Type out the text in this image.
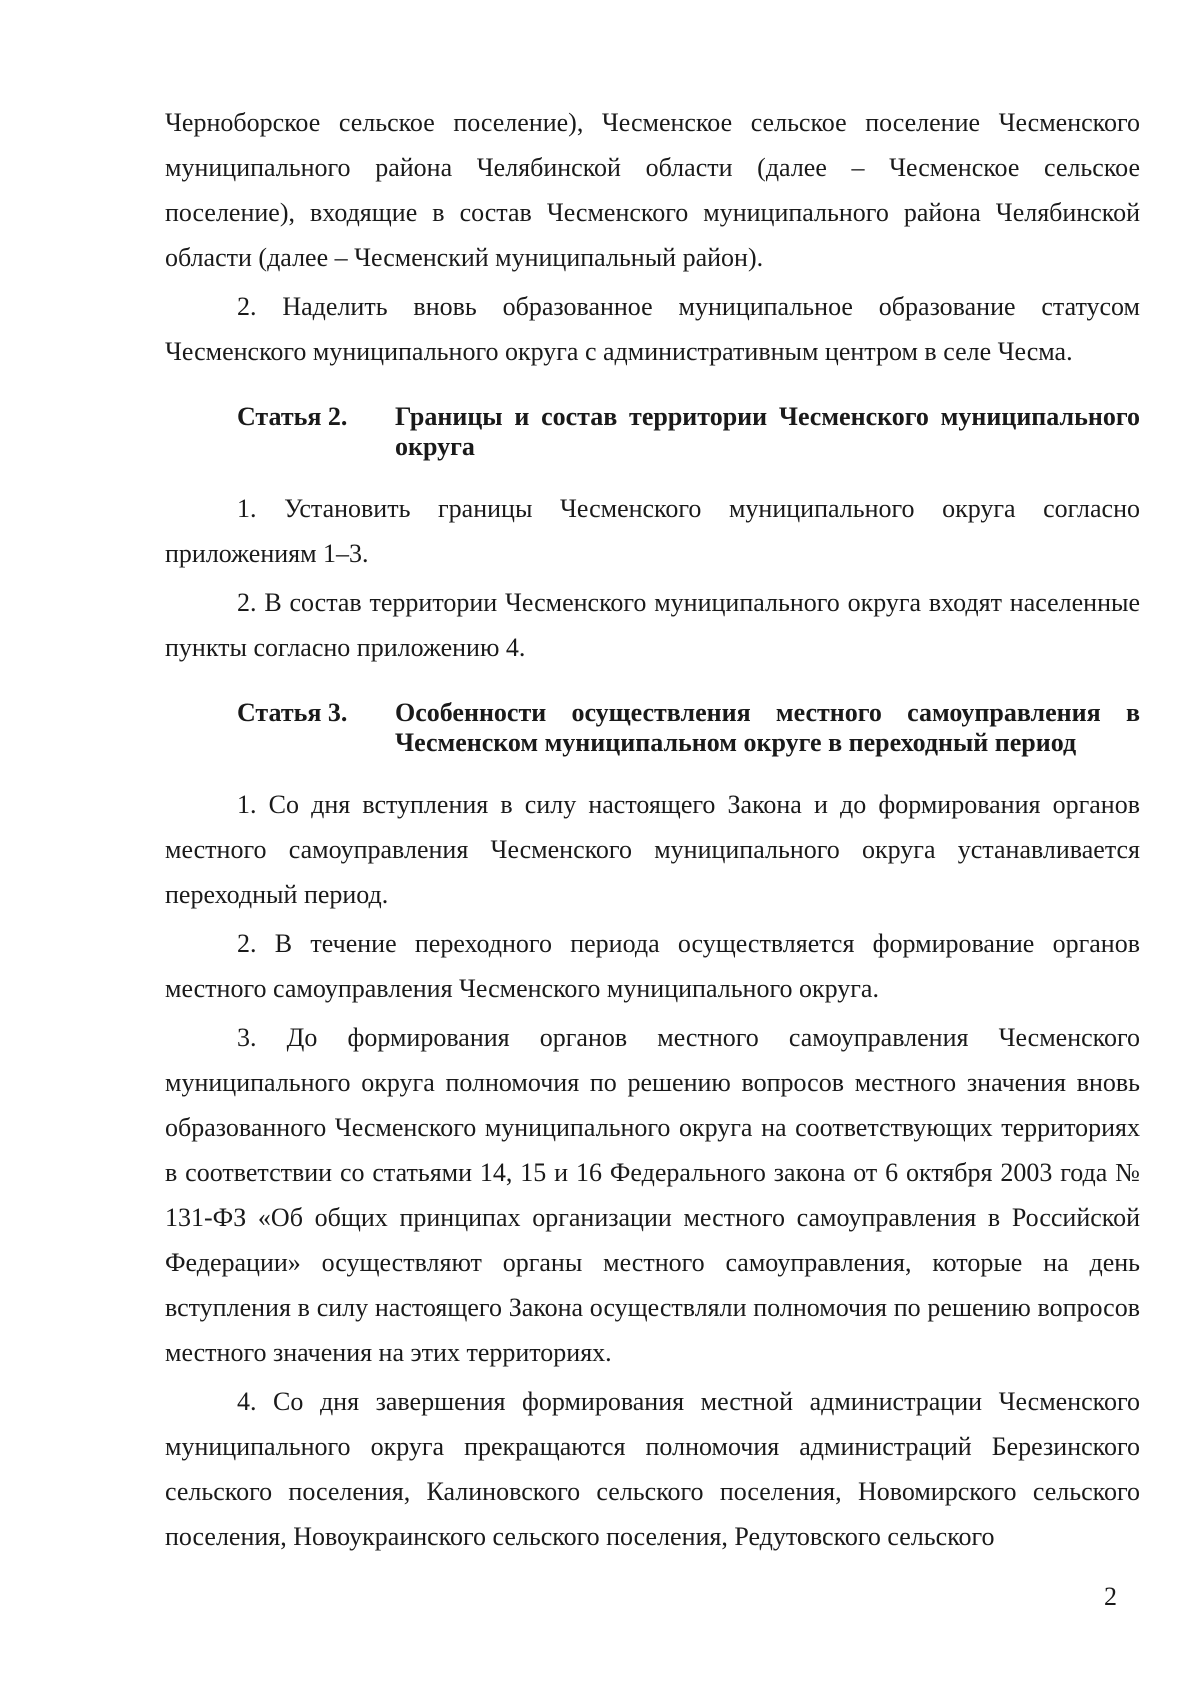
Черноборское сельское поселение), Чесменское сельское поселение Чесменского муниципального района Челябинской области (далее – Чесменское сельское поселение), входящие в состав Чесменского муниципального района Челябинской области (далее – Чесменский муниципальный район).

2. Наделить вновь образованное муниципальное образование статусом Чесменского муниципального округа с административным центром в селе Чесма.

Статья 2.	Границы и состав территории Чесменского муниципального округа

1. Установить границы Чесменского муниципального округа согласно приложениям 1–3.

2. В состав территории Чесменского муниципального округа входят населенные пункты согласно приложению 4.

Статья 3.	Особенности осуществления местного самоуправления в Чесменском муниципальном округе в переходный период

1. Со дня вступления в силу настоящего Закона и до формирования органов местного самоуправления Чесменского муниципального округа устанавливается переходный период.

2. В течение переходного периода осуществляется формирование органов местного самоуправления Чесменского муниципального округа.

3. До формирования органов местного самоуправления Чесменского муниципального округа полномочия по решению вопросов местного значения вновь образованного Чесменского муниципального округа на соответствующих территориях в соответствии со статьями 14, 15 и 16 Федерального закона от 6 октября 2003 года № 131-ФЗ «Об общих принципах организации местного самоуправления в Российской Федерации» осуществляют органы местного самоуправления, которые на день вступления в силу настоящего Закона осуществляли полномочия по решению вопросов местного значения на этих территориях.

4. Со дня завершения формирования местной администрации Чесменского муниципального округа прекращаются полномочия администраций Березинского сельского поселения, Калиновского сельского поселения, Новомирского сельского поселения, Новоукраинского сельского поселения, Редутовского сельского

2
